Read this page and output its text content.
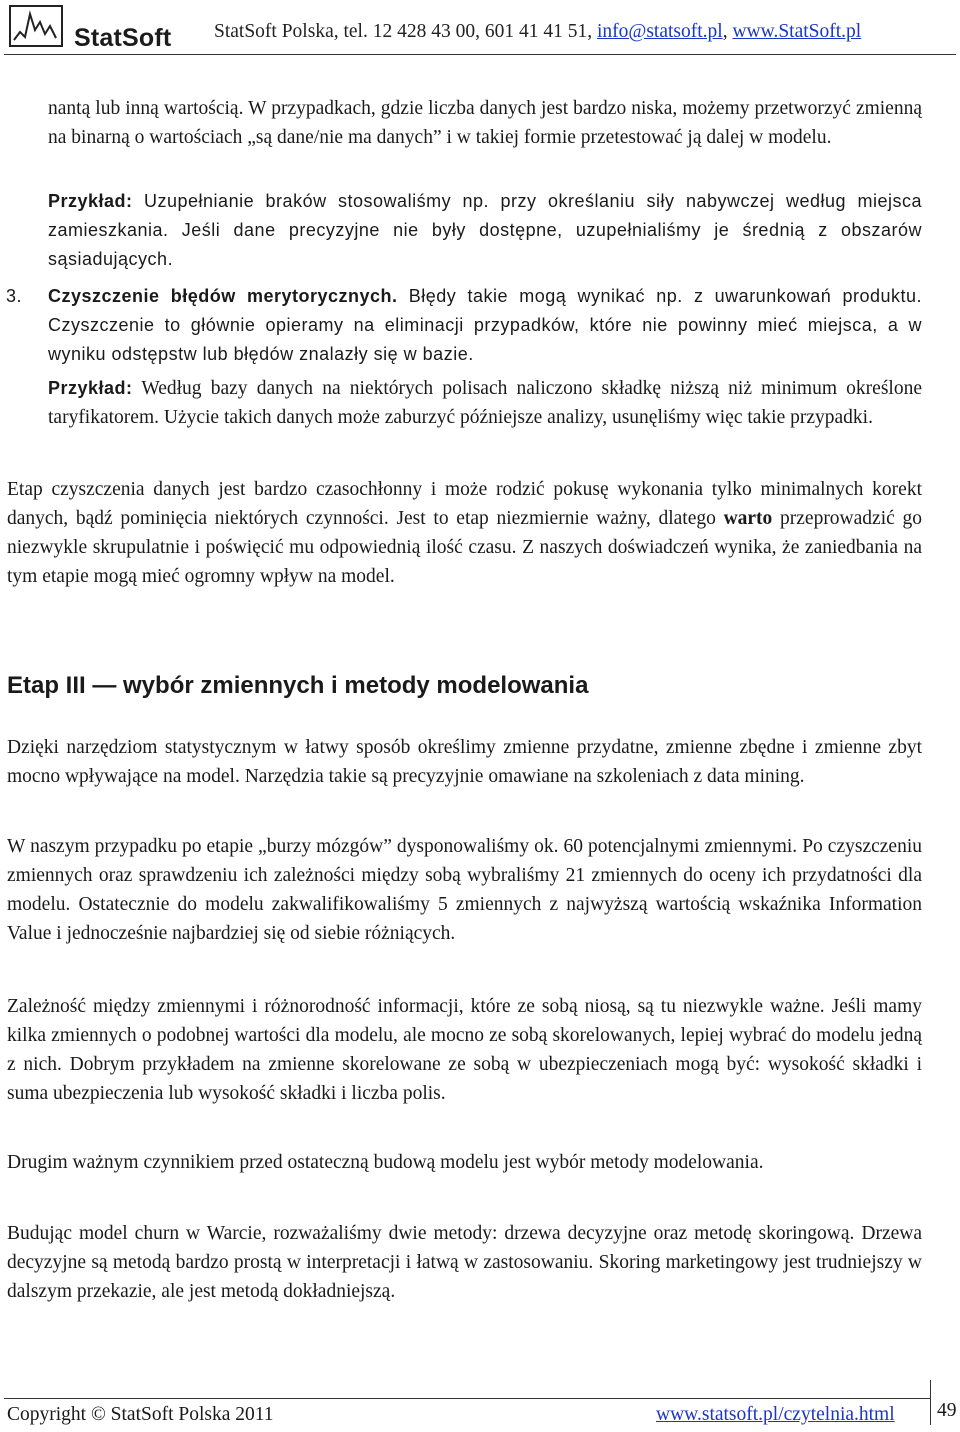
StatSoft StatSoft Polska, tel. 12 428 43 00, 601 41 41 51, info@statsoft.pl, www.StatSoft.pl
nantą lub inną wartością. W przypadkach, gdzie liczba danych jest bardzo niska, możemy przetworzyć zmienną na binarną o wartościach „są dane/nie ma danych” i w takiej formie przetestować ją dalej w modelu.
Przykład: Uzupełnianie braków stosowaliśmy np. przy określaniu siły nabywczej według miejsca zamieszkania. Jeśli dane precyzyjne nie były dostępne, uzupełnialiśmy je średnią z obszarów sąsiadujących.
3. Czyszczenie błędów merytorycznych. Błędy takie mogą wynikać np. z uwarunkowań produktu. Czyszczenie to głównie opieramy na eliminacji przypadków, które nie powinny mieć miejsca, a w wyniku odstępstw lub błędów znalazły się w bazie.
Przykład: Według bazy danych na niektórych polisach naliczono składkę niższą niż minimum określone taryfikatorem. Użycie takich danych może zaburzyć późniejsze analizy, usunęliśmy więc takie przypadki.
Etap czyszczenia danych jest bardzo czasochłonny i może rodzić pokusę wykonania tylko minimalnych korekt danych, bądź pominięcia niektórych czynności. Jest to etap niezmiernie ważny, dlatego warto przeprowadzić go niezwykle skrupulatnie i poświęcić mu odpowiednią ilość czasu. Z naszych doświadczeń wynika, że zaniedbania na tym etapie mogą mieć ogromny wpływ na model.
Etap III — wybór zmiennych i metody modelowania
Dzięki narzędziom statystycznym w łatwy sposób określimy zmienne przydatne, zmienne zbędne i zmienne zbyt mocno wpływające na model. Narzędzia takie są precyzyjnie omawiane na szkoleniach z data mining.
W naszym przypadku po etapie „burzy mózgów” dysponowaliśmy ok. 60 potencjalnymi zmiennymi. Po czyszczeniu zmiennych oraz sprawdzeniu ich zależności między sobą wybraliśmy 21 zmiennych do oceny ich przydatności dla modelu. Ostatecznie do modelu zakwalifikowaliśmy 5 zmiennych z najwyższą wartością wskaźnika Information Value i jednocześnie najbardziej się od siebie różniących.
Zależność między zmiennymi i różnorodność informacji, które ze sobą niosą, są tu niezwykle ważne. Jeśli mamy kilka zmiennych o podobnej wartości dla modelu, ale mocno ze sobą skorelowanych, lepiej wybrać do modelu jedną z nich. Dobrym przykładem na zmienne skorelowane ze sobą w ubezpieczeniach mogą być: wysokość składki i suma ubezpieczenia lub wysokość składki i liczba polis.
Drugim ważnym czynnikiem przed ostateczną budową modelu jest wybór metody modelowania.
Budując model churn w Warcie, rozważaliśmy dwie metody: drzewa decyzyjne oraz metodę skoringową. Drzewa decyzyjne są metodą bardzo prostą w interpretacji i łatwą w zastosowaniu. Skoring marketingowy jest trudniejszy w dalszym przekazie, ale jest metodą dokładniejszą.
Copyright © StatSoft Polska 2011	www.statsoft.pl/czytelnia.html 49
